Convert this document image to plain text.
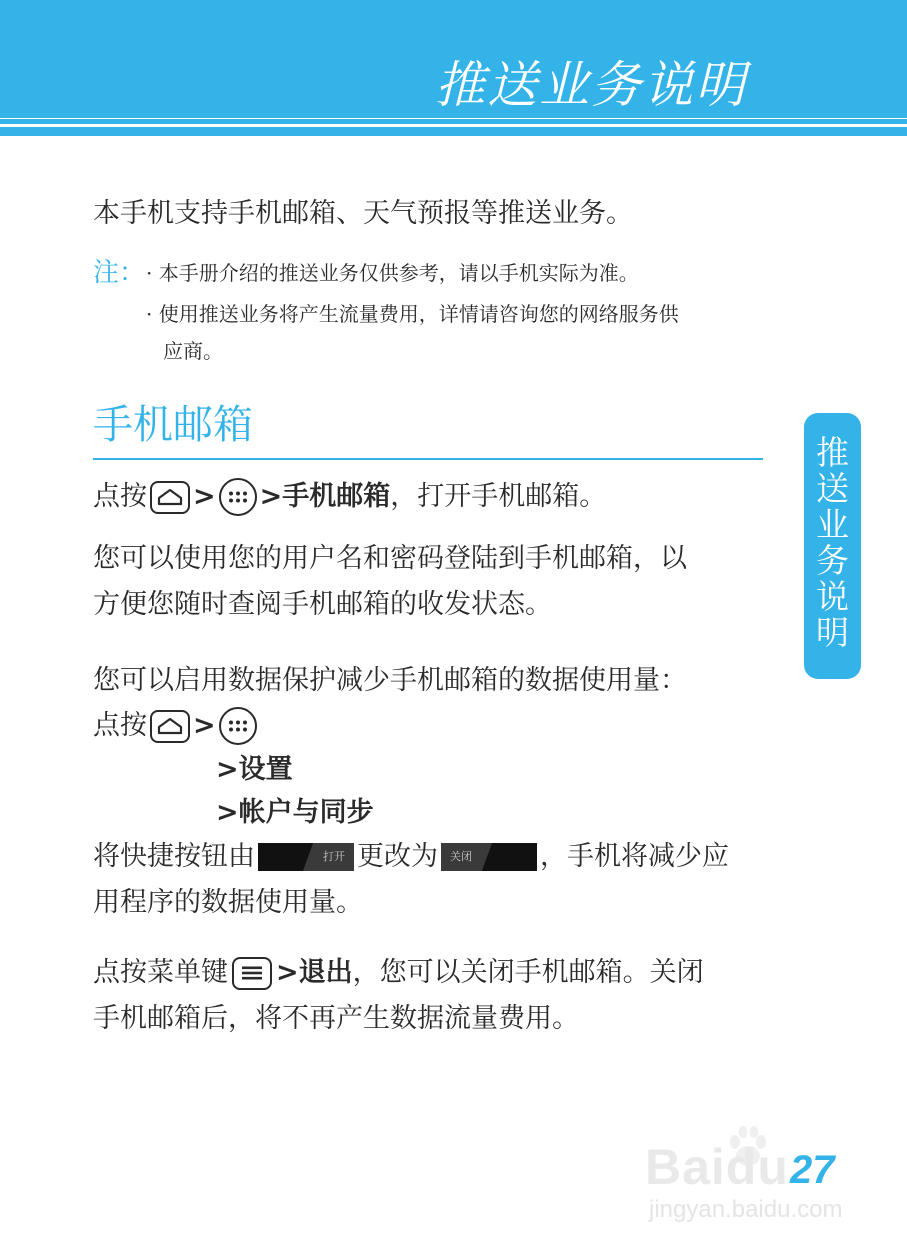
推送业务说明
推
送
业
务
说
明
本手机支持手机邮箱、天气预报等推送业务。
注： · 本手册介绍的推送业务仅供参考，请以手机实际为准。
· 使用推送业务将产生流量费用，详情请咨询您的网络服务供
应商。
手机邮箱
点按 > >手机邮箱 ，打开手机邮箱。
您可以使用您的用户名和密码登陆到手机邮箱，以
方便您随时查阅手机邮箱的收发状态。
您可以启用数据保护减少手机邮箱的数据使用量：
点按 >
>设置
>帐户与同步
将快捷按钮由	打开 更改为	关闭	，手机将减少应
用程序的数据使用量。
点按菜单键 >退出 ，您可以关闭手机邮箱。关闭
手机邮箱后，将不再产生数据流量费用。
Baidu
jingyan.baidu.com
27
